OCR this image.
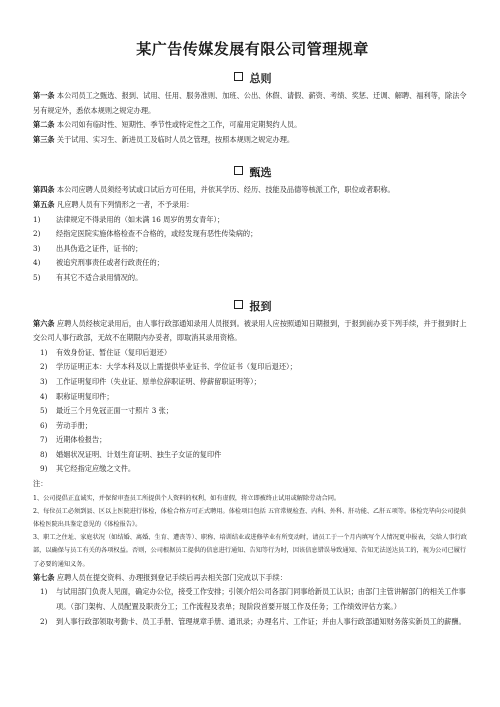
某广告传媒发展有限公司管理规章
总则

第一条 本公司员工之甄选、报到、试用、任用、服务准则、加班、公出、休假、请假、薪资、考绩、奖惩、迁调、解聘、福利等，除法令另有规定外，悉依本规则之规定办理。

第二条 本公司如有临时性、短期性、季节性或特定性之工作，可雇用定期契约人员。

第三条 关于试用、实习生、新进员工及临时人员之管理，按照本规则之规定办理。

甄选

第四条 本公司应聘人员须经考试或口试后方可任用，并依其学历、经历、技能及品德等核派工作，职位或者职称。

第五条 凡应聘人员有下列情形之一者，不予录用：

1)	法律规定不得录用的（如未满 16 周岁的男女青年）；
2)	经指定医院实施体格检查不合格的，或经发现有恶性传染病的；
3)	出具伪造之证件，证书的；
4)	被追究刑事责任或者行政责任的；
5)	有其它不适合录用情况的。
报到

第六条 应聘人员经核定录用后，由人事行政部通知录用人员报到。被录用人应按照通知日期报到，于报到前办妥下列手续，并于报到时上交公司人事行政部，无故不在期限内办妥者，即取消其录用资格。

1)	有效身份证、暂住证（复印后退还）
2)	学历证明正本：大学本科及以上需提供毕业证书、学位证书（复印后退还）；
3)	工作证明复印件（失业证、原单位辞职证明、停薪留职证明等）；
4)	职称证明复印件；
5)	最近三个月免冠正面一寸照片 3 张；
6)	劳动手册；
7)	近期体检报告；
8)	婚姻状况证明、计划生育证明、独生子女证的复印件
9)	其它经指定应缴之文件。

注：

1、公司提倡正直诚实，并保留审查员工所提供个人资料的权利，如有虚假，将立即被终止试用或解除劳动合同。

2、每位员工必须到县、区以上医院进行体检，体检合格方可正式聘用。体检项目包括 五官常规检查、内科、外科、肝功能、乙肝五项等。体检完毕向公司提供体检医院出具鉴定意见的《体检报告》。

3、职工之住址、家庭状况（如结婚、离婚、生育、遭丧等）、职称、培训结业或进修毕业有所变动时，请员工于一个月内填写个人情况更申报表，交给人事行政部，以确保与员工有关的各项权益。否则，公司根据员工提供的信息进行通知、告知等行为时，因该信息错误导致通知、告知无法送达员工的，视为公司已履行了必要的通知义务。

第七条 应聘人员在提交资料、办理报到登记手续后再去相关部门完成以下手续：

1)	与试用部门负责人见面，确定办公位，接受工作安排；引领介绍公司各部门同事给新员工认识；由部门主管讲解部门的相关工作事项。（部门架构、人员配置及职责分工；工作流程及表单；现阶段首要开展工作及任务；工作绩效评估方案。）
2)	到人事行政部领取考勤卡、员工手册、管理规章手册、通讯录；办理名片、工作证；并由人事行政部通知财务落实新员工的薪酬。
